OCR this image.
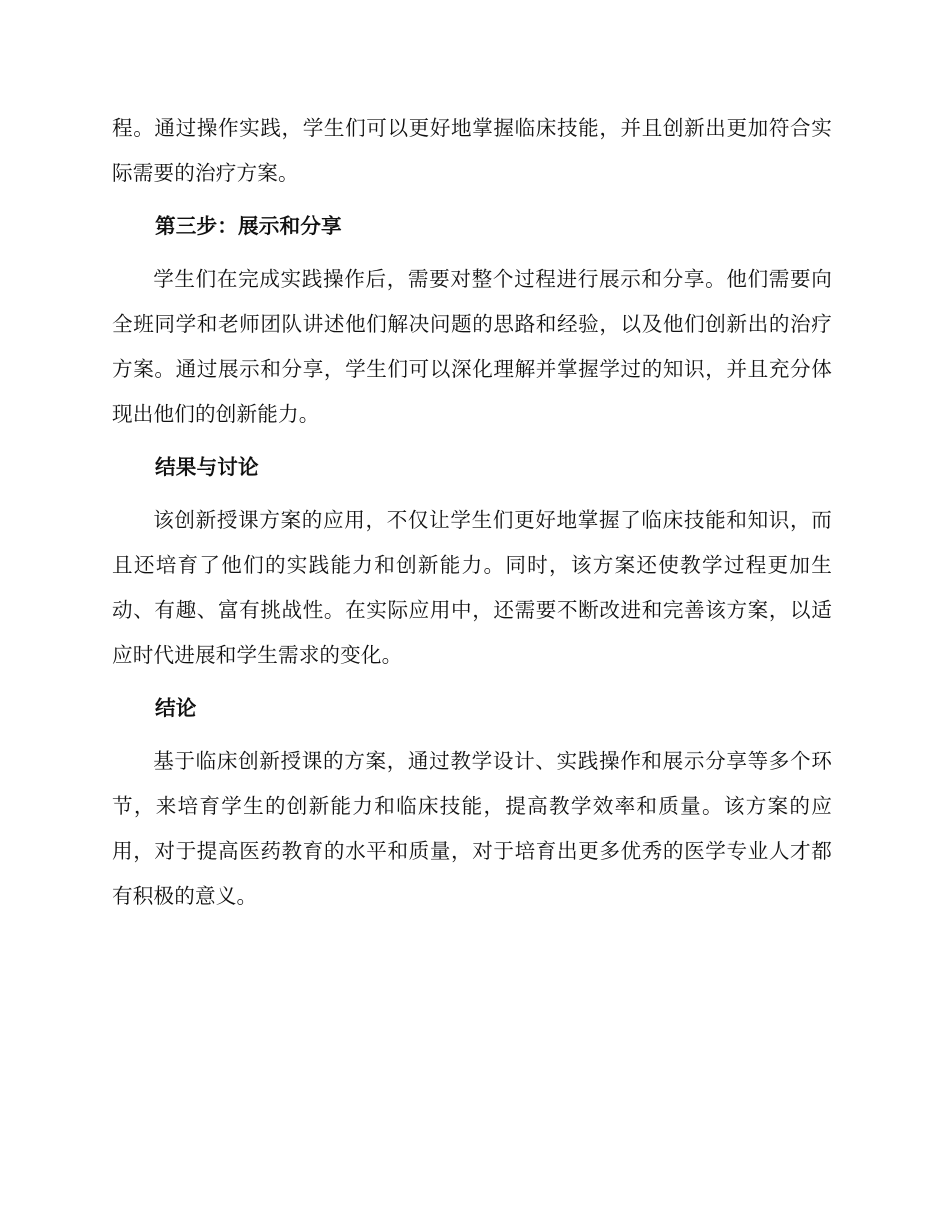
程。通过操作实践，学生们可以更好地掌握临床技能，并且创新出更加符合实际需要的治疗方案。

第三步：展示和分享

学生们在完成实践操作后，需要对整个过程进行展示和分享。他们需要向全班同学和老师团队讲述他们解决问题的思路和经验，以及他们创新出的治疗方案。通过展示和分享，学生们可以深化理解并掌握学过的知识，并且充分体现出他们的创新能力。

结果与讨论

该创新授课方案的应用，不仅让学生们更好地掌握了临床技能和知识，而且还培育了他们的实践能力和创新能力。同时，该方案还使教学过程更加生动、有趣、富有挑战性。在实际应用中，还需要不断改进和完善该方案，以适应时代进展和学生需求的变化。

结论

基于临床创新授课的方案，通过教学设计、实践操作和展示分享等多个环节，来培育学生的创新能力和临床技能，提高教学效率和质量。该方案的应用，对于提高医药教育的水平和质量，对于培育出更多优秀的医学专业人才都有积极的意义。
